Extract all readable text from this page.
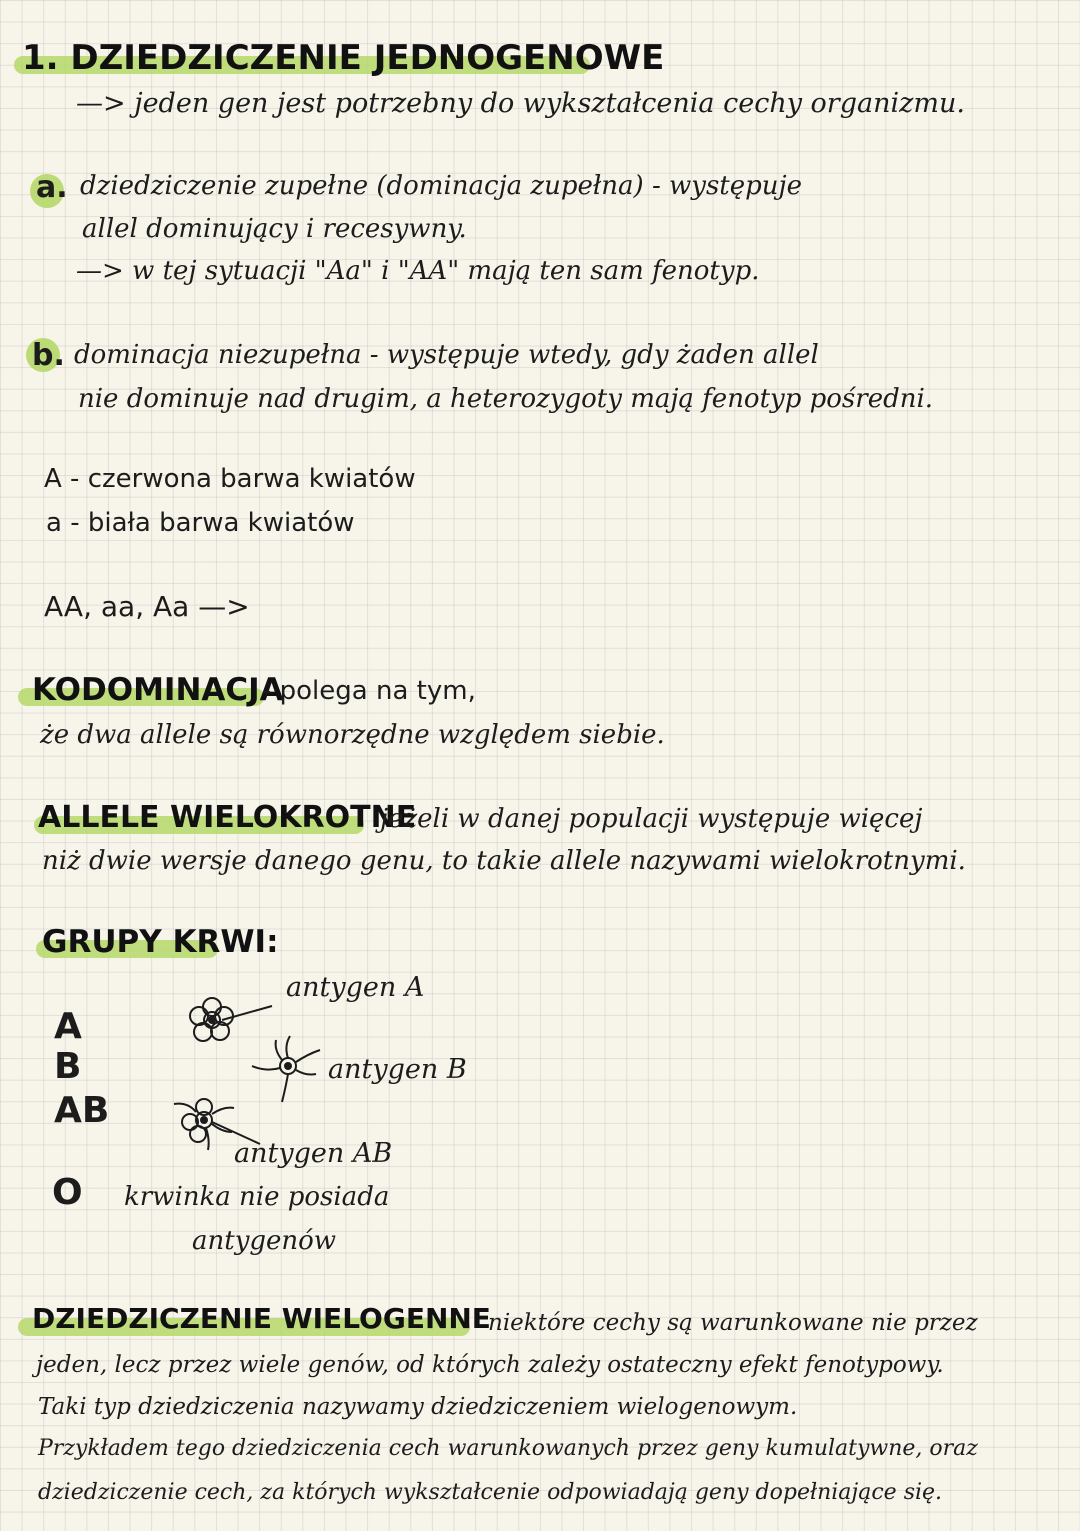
1. DZIEDZICZENIE JEDNOGENOWE
—> jeden gen jest potrzebny do wykształcenia cechy organizmu.
a. dziedziczenie zupełne (dominacja zupełna) - występuje
allel dominujący i recesywny.
—> w tej sytuacji "Aa" i "AA" mają ten sam fenotyp.
b. dominacja niezupełna - występuje wtedy, gdy żaden allel
nie dominuje nad drugim, a heterozygoty mają fenotyp pośredni.
A - czerwona barwa kwiatów
a - biała barwa kwiatów
AA, aa, Aa —>
KODOMINACJA
- polega na tym,
że dwa allele są równorzędne względem siebie.
ALLELE WIELOKROTNE
jeżeli w danej populacji występuje więcej
niż dwie wersje danego genu, to takie allele nazywami wielokrotnymi.
GRUPY KRWI:
A
B
AB
O
antygen A
antygen B
antygen AB
krwinka nie posiada
antygenów
DZIEDZICZENIE WIELOGENNE
niektóre cechy są warunkowane nie przez
jeden, lecz przez wiele genów, od których zależy ostateczny efekt fenotypowy.
Taki typ dziedziczenia nazywamy dziedziczeniem wielogenowym.
Przykładem tego dziedziczenia cech warunkowanych przez geny kumulatywne, oraz
dziedziczenie cech, za których wykształcenie odpowiadają geny dopełniające się.
